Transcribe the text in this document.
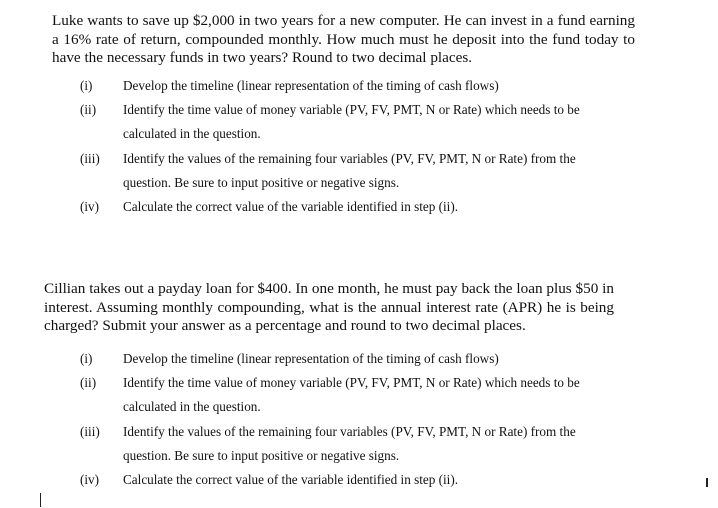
Luke wants to save up $2,000 in two years for a new computer. He can invest in a fund earning a 16% rate of return, compounded monthly. How much must he deposit into the fund today to have the necessary funds in two years? Round to two decimal places.

(i) Develop the timeline (linear representation of the timing of cash flows)
(ii) Identify the time value of money variable (PV, FV, PMT, N or Rate) which needs to be calculated in the question.
(iii) Identify the values of the remaining four variables (PV, FV, PMT, N or Rate) from the question. Be sure to input positive or negative signs.
(iv) Calculate the correct value of the variable identified in step (ii).

Cillian takes out a payday loan for $400. In one month, he must pay back the loan plus $50 in interest. Assuming monthly compounding, what is the annual interest rate (APR) he is being charged? Submit your answer as a percentage and round to two decimal places.

(i) Develop the timeline (linear representation of the timing of cash flows)
(ii) Identify the time value of money variable (PV, FV, PMT, N or Rate) which needs to be calculated in the question.
(iii) Identify the values of the remaining four variables (PV, FV, PMT, N or Rate) from the question. Be sure to input positive or negative signs.
(iv) Calculate the correct value of the variable identified in step (ii).
